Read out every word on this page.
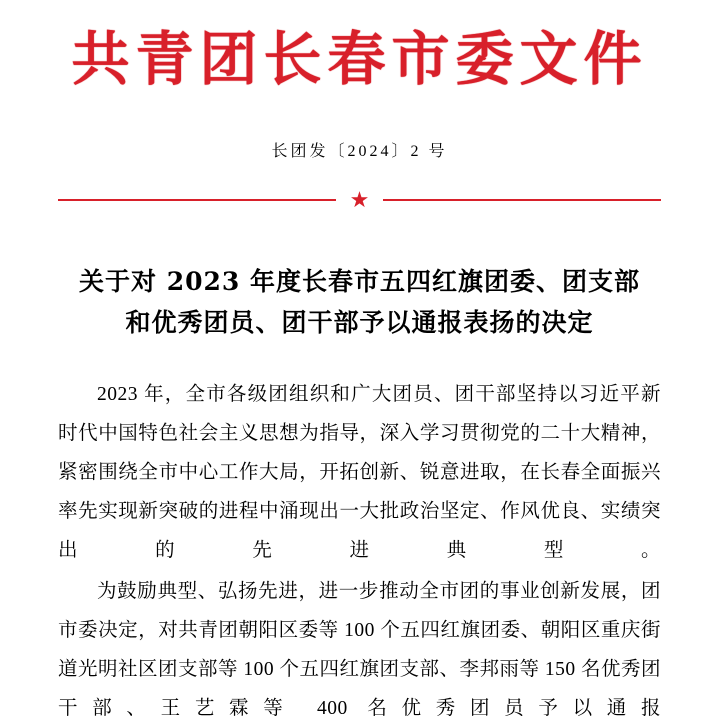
共青团长春市委文件
长团发〔2024〕2 号
★
关于对 2023 年度长春市五四红旗团委、团支部
和优秀团员、团干部予以通报表扬的决定

2023 年，全市各级团组织和广大团员、团干部坚持以习近平新时代中国特色社会主义思想为指导，深入学习贯彻党的二十大精神，紧密围绕全市中心工作大局，开拓创新、锐意进取，在长春全面振兴率先实现新突破的进程中涌现出一大批政治坚定、作风优良、实绩突出的先进典型。

为鼓励典型、弘扬先进，进一步推动全市团的事业创新发展，团市委决定，对共青团朝阳区委等 100 个五四红旗团委、朝阳区重庆街道光明社区团支部等 100 个五四红旗团支部、李邦雨等 150 名优秀团干部、王艺霖等 400 名优秀团员予以通报
